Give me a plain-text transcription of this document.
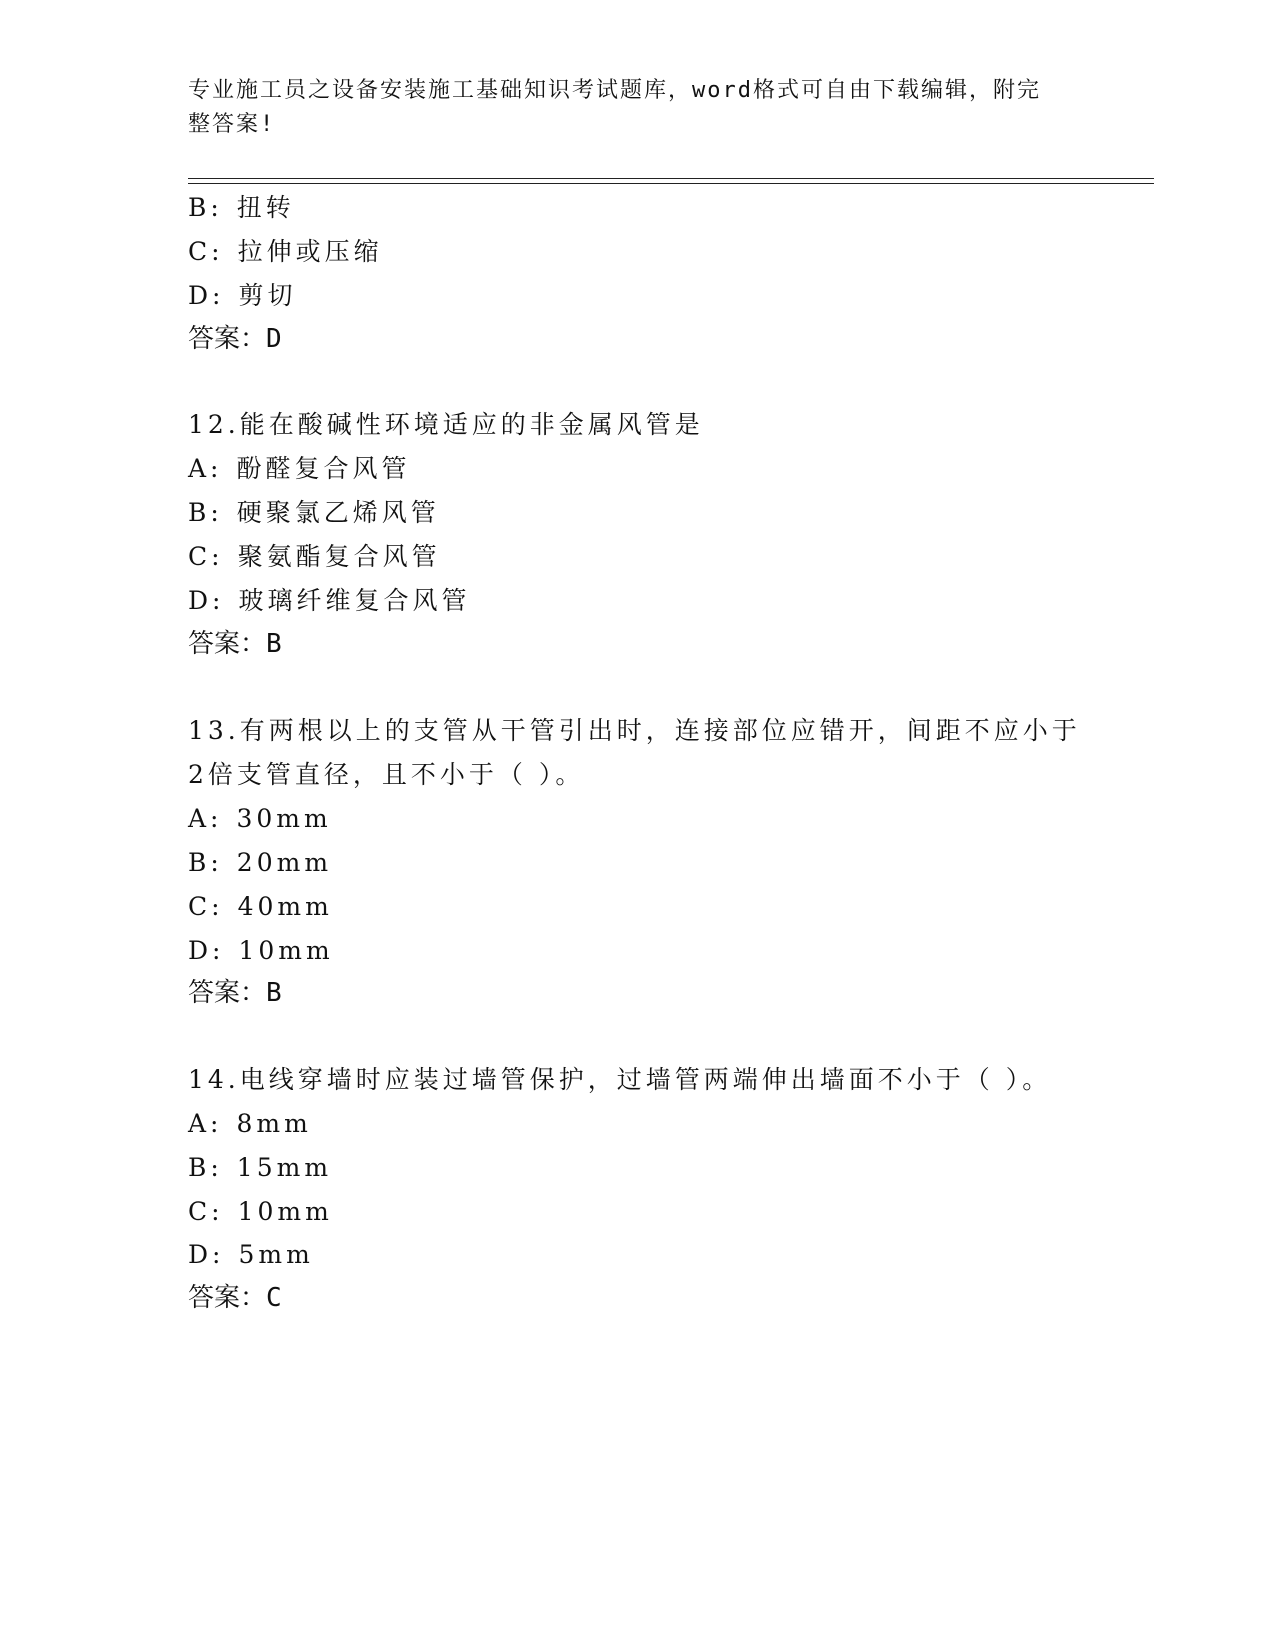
专业施工员之设备安装施工基础知识考试题库，word格式可自由下载编辑，附完
整答案!
B: 扭转
C: 拉伸或压缩
D: 剪切
答案：D
12.能在酸碱性环境适应的非金属风管是
A: 酚醛复合风管
B: 硬聚氯乙烯风管
C: 聚氨酯复合风管
D: 玻璃纤维复合风管
答案：B
13.有两根以上的支管从干管引出时，连接部位应错开，间距不应小于
2倍支管直径，且不小于（ ）。
A: 30mm
B: 20mm
C: 40mm
D: 10mm
答案：B
14.电线穿墙时应装过墙管保护，过墙管两端伸出墙面不小于（ ）。
A: 8mm
B: 15mm
C: 10mm
D: 5mm
答案：C
